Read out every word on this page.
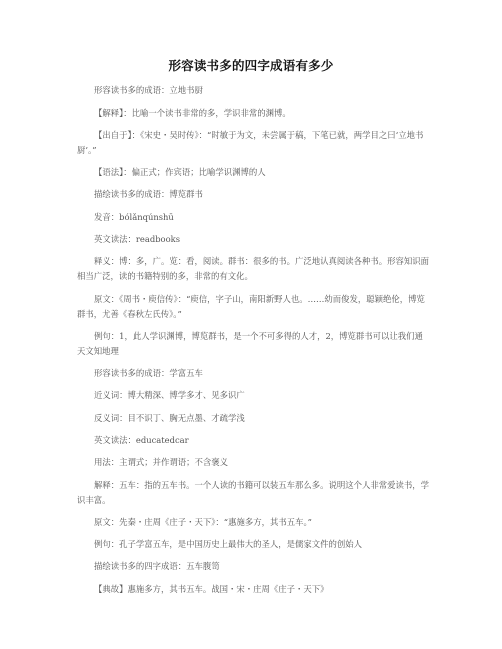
形容读书多的四字成语有多少
形容读书多的成语：立地书厨
【解释】：比喻一个读书非常的多，学识非常的渊博。
【出自于】：《宋史・吴时传》：“时敏于为文，未尝属于稿，下笔已就，两学目之曰‘立地书厨’。”
【语法】：偏正式；作宾语；比喻学识渊博的人
描绘读书多的成语：博览群书
发音：bólǎnqúnshū
英文读法：readbooks
释义：博：多，广。览：看，阅读。群书：很多的书。广泛地认真阅读各种书。形容知识面相当广泛，读的书籍特别的多，非常的有文化。
原文：《周书・庾信传》：“庾信，字子山，南阳新野人也。……幼而俊发，聪颖绝伦，博览群书，尤善《春秋左氏传》。”
例句：1，此人学识渊博，博览群书，是一个不可多得的人才，2，博览群书可以让我们通天文知地理
形容读书多的成语：学富五车
近义词：博大精深、博学多才、见多识广
反义词：目不识丁、胸无点墨、才疏学浅
英文读法：educatedcar
用法：主谓式；并作谓语；不含褒义
解释：五车：指的五车书。一个人读的书籍可以装五车那么多。说明这个人非常爱读书，学识丰富。
原文：先秦・庄周《庄子・天下》：“惠施多方，其书五车。”
例句：孔子学富五车，是中国历史上最伟大的圣人，是儒家文件的创始人
描绘读书多的四字成语：五车腹笥
【典故】惠施多方，其书五车。战国・宋・庄周《庄子・天下》
